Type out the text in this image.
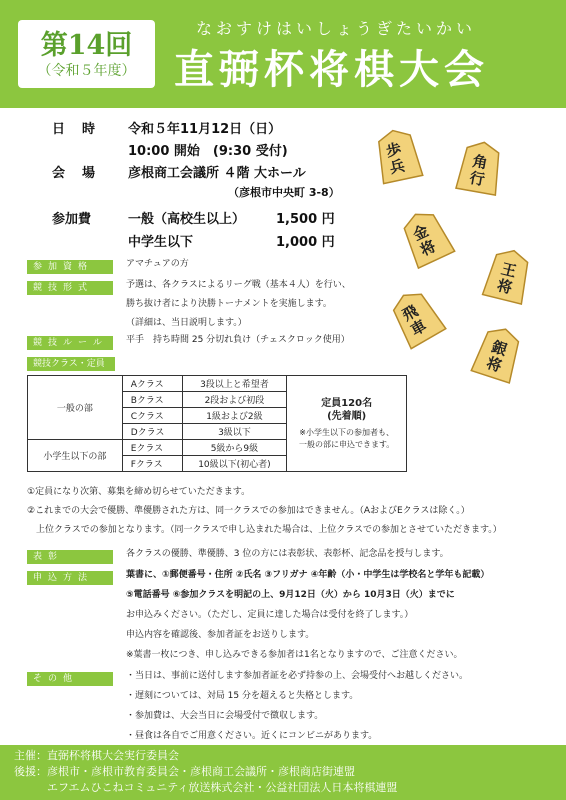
第14回
（令和５年度）
なおすけはいしょうぎたいかい
直弼杯将棋大会
日　時 令和５年11月12日（日）
10:00 開始　(9:30 受付)
会　場 彦根商工会議所 ４階 大ホール
（彦根市中央町 3-8）
参加費	一般（高校生以上） 1,500 円
中学生以下	1,000 円
歩
兵	角
行
金
将
王
将
飛
車
銀
将
参加資格	アマチュアの方
競技形式	予選は、各クラスによるリーグ戦（基本４人）を行い、
勝ち抜け者により決勝トーナメントを実施します。
（詳細は、当日説明します。）
競技ルール	平手　持ち時間 25 分切れ負け（チェスクロック使用）
競技クラス・定員
一般の部	Aクラス	3段以上と希望者	定員120名
(先着順)
※小学生以下の参加者も、
一般の部に申込できます。

	Bクラス	2段および初段	
	Cクラス	1級および2級	
	Dクラス	3級以下	
小学生以下の部	Eクラス	5級から9級	
	Fクラス	10級以下(初心者)	
①定員になり次第、募集を締め切らせていただきます。
②これまでの大会で優勝、準優勝された方は、同一クラスでの参加はできません。（AおよびEクラスは除く。）
　上位クラスでの参加となります。（同一クラスで申し込まれた場合は、上位クラスでの参加とさせていただきます。）
表彰	各クラスの優勝、準優勝、3 位の方には表彰状、表彰杯、記念品を授与します。
申込方法	葉書に、①郵便番号・住所 ②氏名 ③フリガナ ④年齢（小・中学生は学校名と学年も記載）
⑤電話番号 ⑥参加クラスを明記の上、9月12日（火）から 10月3日（火）までに
お申込みください。（ただし、定員に達した場合は受付を終了します。）
申込内容を確認後、参加者証をお送りします。
※葉書一枚につき、申し込みできる参加者は1名となりますので、ご注意ください。
その他	・当日は、事前に送付します参加者証を必ず持参の上、会場受付へお越しください。
・遅刻については、対局 15 分を超えると失格とします。
・参加費は、大会当日に会場受付で徴収します。
・昼食は各自でご用意ください。近くにコンビニがあります。
主催：直弼杯将棋大会実行委員会
後援：彦根市・彦根市教育委員会・彦根商工会議所・彦根商店街連盟
　　　エフエムひこねコミュニティ放送株式会社・公益社団法人日本将棋連盟
